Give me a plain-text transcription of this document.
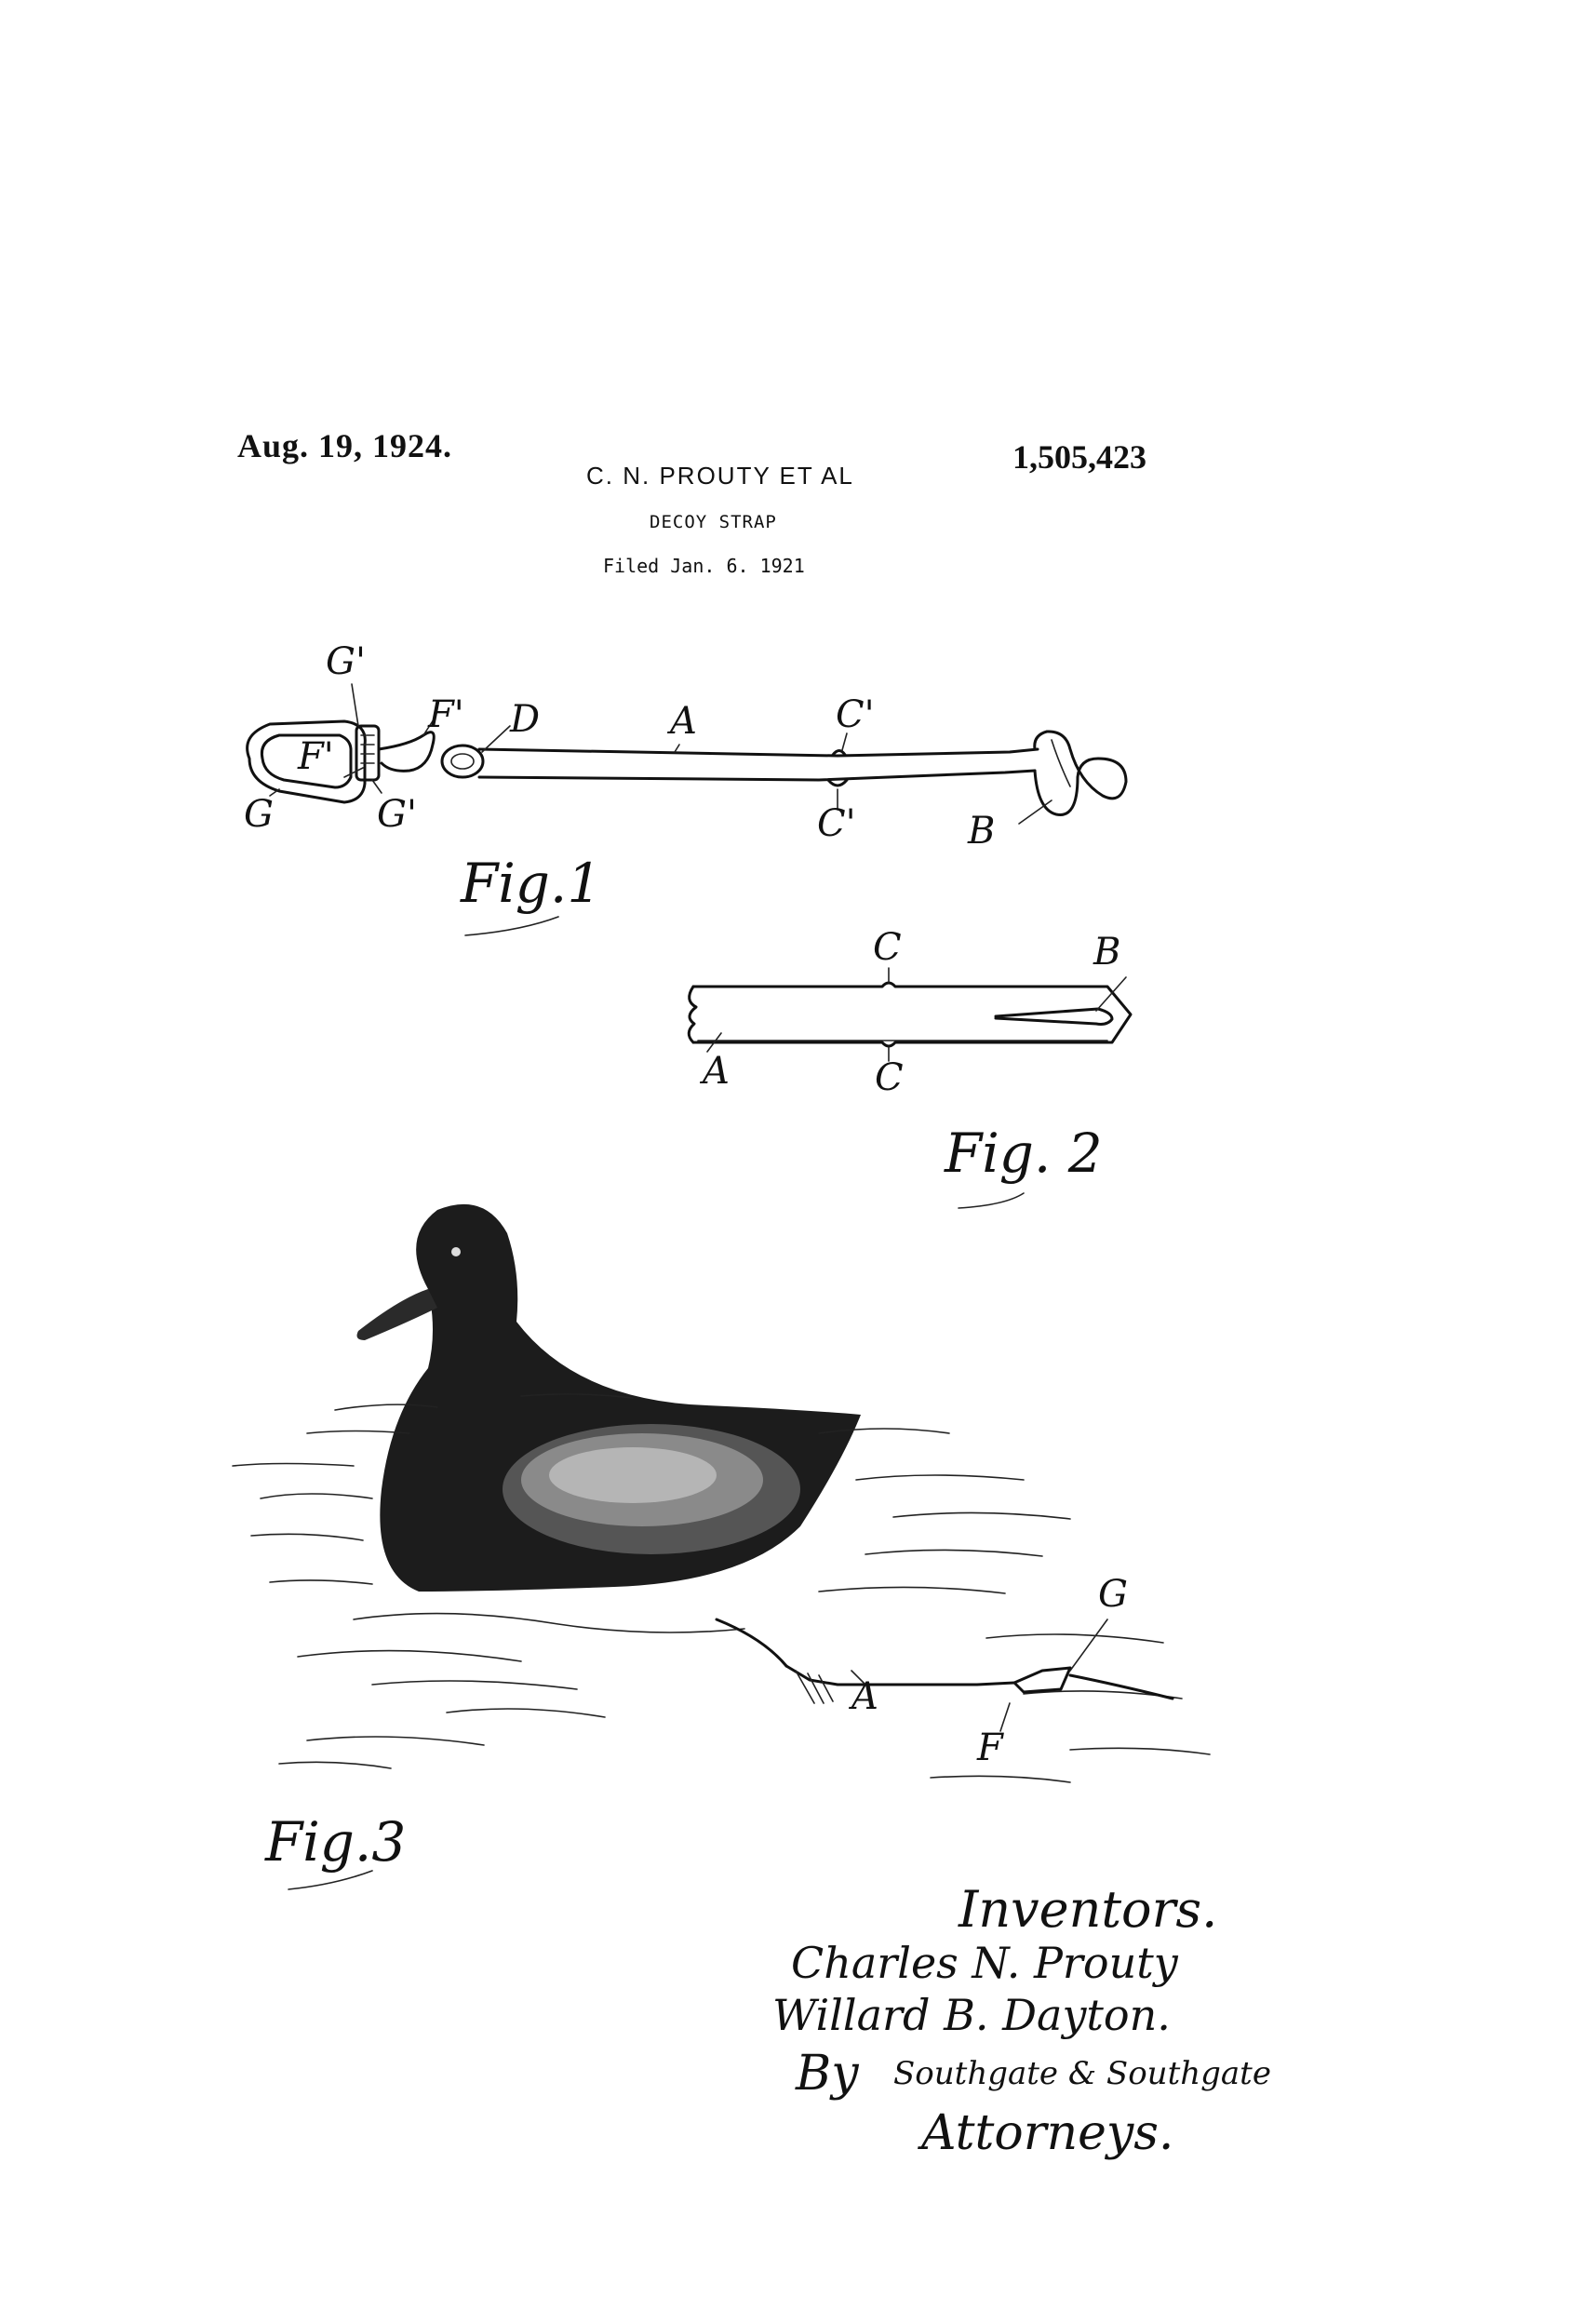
Aug. 19, 1924.	1,505,423
C. N. PROUTY ET AL
DECOY STRAP
Filed Jan. 6. 1921
G'
F' D	A	C'
F'
G	G'	C'	B
Fig.1
C	B
A	C
Fig. 2
G
A
F
Fig.3
Inventors.
Charles N. Prouty
Willard B. Dayton.
By Southgate & Southgate
Attorneys.
